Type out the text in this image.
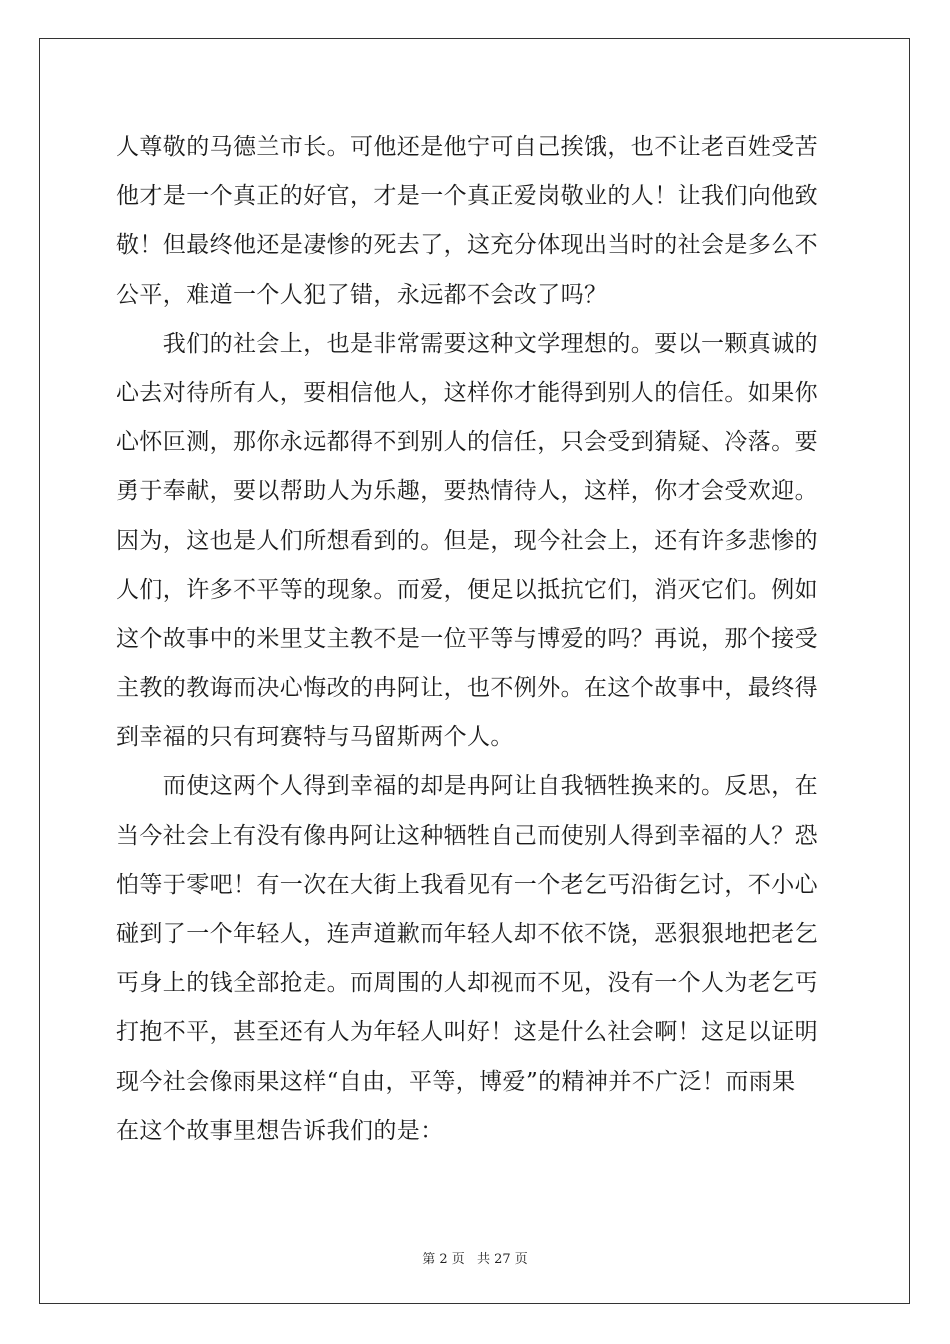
人尊敬的马德兰市长。可他还是他宁可自己挨饿，也不让老百姓受苦
他才是一个真正的好官，才是一个真正爱岗敬业的人！让我们向他致
敬！但最终他还是凄惨的死去了，这充分体现出当时的社会是多么不
公平，难道一个人犯了错，永远都不会改了吗？
　　我们的社会上，也是非常需要这种文学理想的。要以一颗真诚的
心去对待所有人，要相信他人，这样你才能得到别人的信任。如果你
心怀叵测，那你永远都得不到别人的信任，只会受到猜疑、冷落。要
勇于奉献，要以帮助人为乐趣，要热情待人，这样，你才会受欢迎。
因为，这也是人们所想看到的。但是，现今社会上，还有许多悲惨的
人们，许多不平等的现象。而爱，便足以抵抗它们，消灭它们。例如
这个故事中的米里艾主教不是一位平等与博爱的吗？再说，那个接受
主教的教诲而决心悔改的冉阿让，也不例外。在这个故事中，最终得
到幸福的只有珂赛特与马留斯两个人。
　　而使这两个人得到幸福的却是冉阿让自我牺牲换来的。反思，在
当今社会上有没有像冉阿让这种牺牲自己而使别人得到幸福的人？恐
怕等于零吧！有一次在大街上我看见有一个老乞丐沿街乞讨，不小心
碰到了一个年轻人，连声道歉而年轻人却不依不饶，恶狠狠地把老乞
丐身上的钱全部抢走。而周围的人却视而不见，没有一个人为老乞丐
打抱不平，甚至还有人为年轻人叫好！这是什么社会啊！这足以证明
现今社会像雨果这样“自由，平等，博爱”的精神并不广泛！而雨果
在这个故事里想告诉我们的是：
第 2 页 共 27 页
